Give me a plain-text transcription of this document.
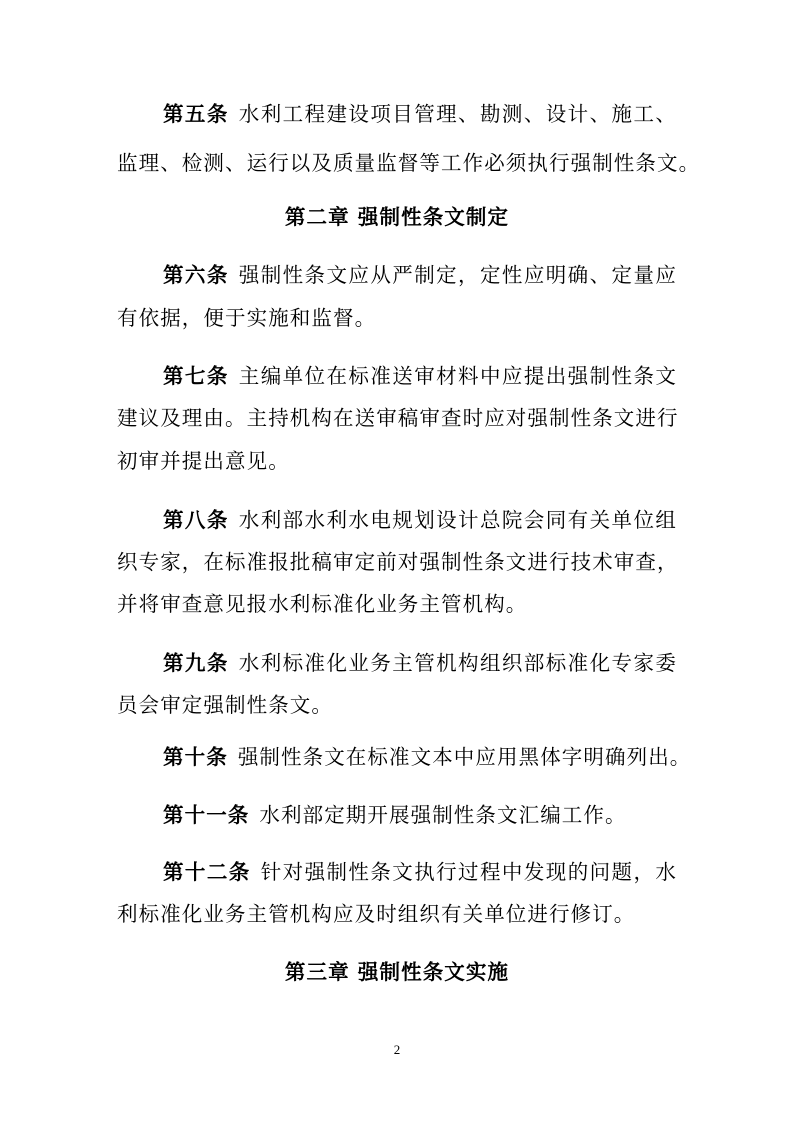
第五条 水利工程建设项目管理、勘测、设计、施工、
监理、检测、运行以及质量监督等工作必须执行强制性条文。
第二章 强制性条文制定
第六条 强制性条文应从严制定，定性应明确、定量应
有依据，便于实施和监督。
第七条 主编单位在标准送审材料中应提出强制性条文
建议及理由。主持机构在送审稿审查时应对强制性条文进行
初审并提出意见。
第八条 水利部水利水电规划设计总院会同有关单位组
织专家，在标准报批稿审定前对强制性条文进行技术审查，
并将审查意见报水利标准化业务主管机构。
第九条 水利标准化业务主管机构组织部标准化专家委
员会审定强制性条文。
第十条 强制性条文在标准文本中应用黑体字明确列出。
第十一条 水利部定期开展强制性条文汇编工作。
第十二条 针对强制性条文执行过程中发现的问题，水
利标准化业务主管机构应及时组织有关单位进行修订。
第三章 强制性条文实施
2
